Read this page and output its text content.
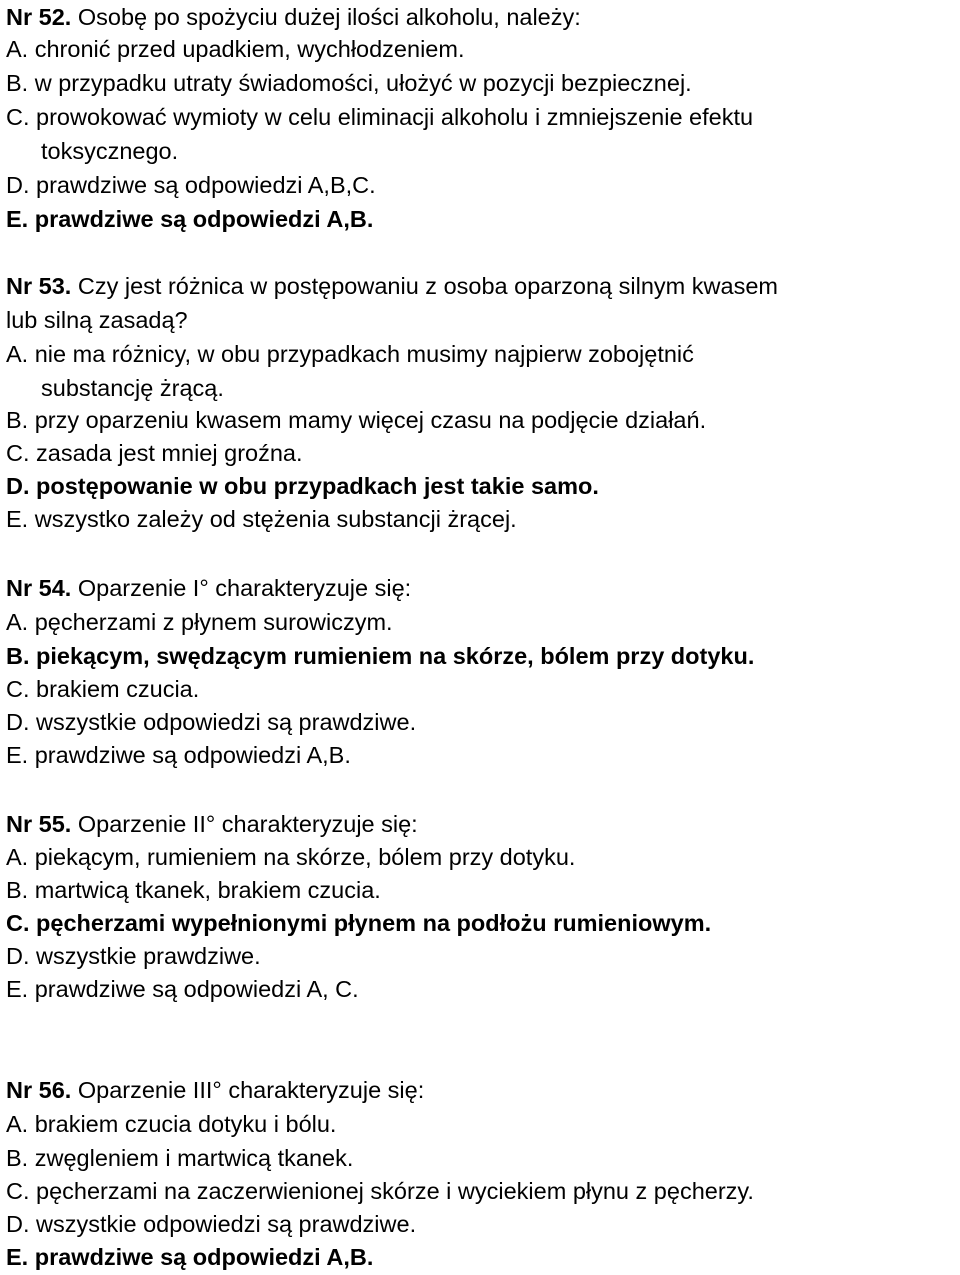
Nr 52. Osobę po spożyciu dużej ilości alkoholu, należy:
A. chronić przed upadkiem, wychłodzeniem.
B. w przypadku utraty świadomości, ułożyć w pozycji bezpiecznej.
C. prowokować wymioty w celu eliminacji alkoholu i zmniejszenie efektu
toksycznego.
D. prawdziwe są odpowiedzi A,B,C.
E. prawdziwe są odpowiedzi A,B.
Nr 53. Czy jest różnica w postępowaniu z osoba oparzoną silnym kwasem
lub silną zasadą?
A. nie ma różnicy, w obu przypadkach musimy najpierw zobojętnić
substancję żrącą.
B. przy oparzeniu kwasem mamy więcej czasu na podjęcie działań.
C. zasada jest mniej groźna.
D. postępowanie w obu przypadkach jest takie samo.
E. wszystko zależy od stężenia substancji żrącej.
Nr 54. Oparzenie I° charakteryzuje się:
A. pęcherzami z płynem surowiczym.
B. piekącym, swędzącym rumieniem na skórze, bólem przy dotyku.
C. brakiem czucia.
D. wszystkie odpowiedzi są prawdziwe.
E. prawdziwe są odpowiedzi A,B.
Nr 55. Oparzenie II° charakteryzuje się:
A. piekącym, rumieniem na skórze, bólem przy dotyku.
B. martwicą tkanek, brakiem czucia.
C. pęcherzami wypełnionymi płynem na podłożu rumieniowym.
D. wszystkie prawdziwe.
E. prawdziwe są odpowiedzi A, C.
Nr 56. Oparzenie III° charakteryzuje się:
A. brakiem czucia dotyku i bólu.
B. zwęgleniem i martwicą tkanek.
C. pęcherzami na zaczerwienionej skórze i wyciekiem płynu z pęcherzy.
D. wszystkie odpowiedzi są prawdziwe.
E. prawdziwe są odpowiedzi A,B.
